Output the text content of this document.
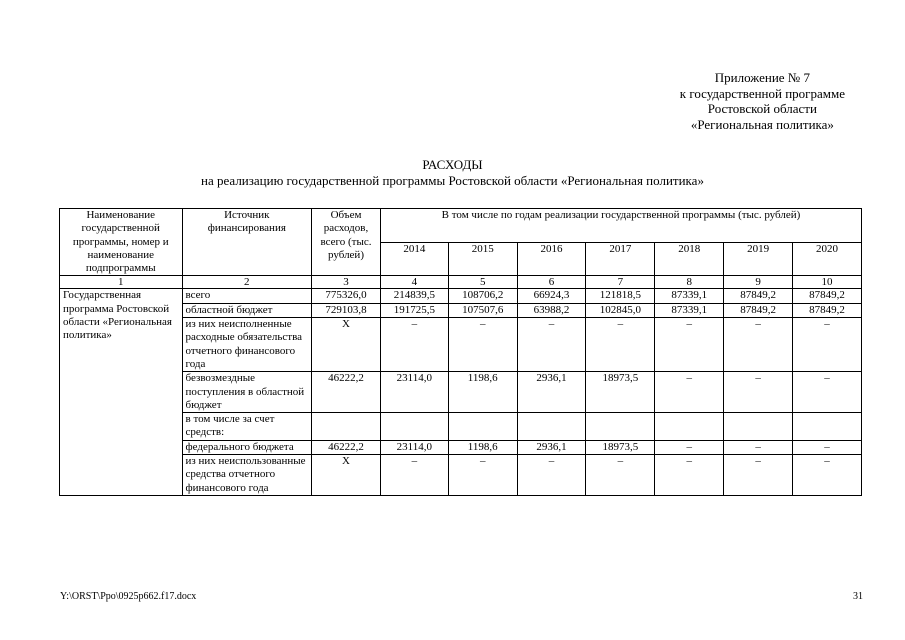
Приложение № 7
к государственной программе
Ростовской области
«Региональная политика»
РАСХОДЫ
на реализацию государственной программы Ростовской области «Региональная политика»
Наименование государственной программы, номер и наименование подпрограммы	Источник финансирования	Объем расходов, всего (тыс. рублей)	В том числе по годам реализации государственной программы (тыс. рублей)						
			2014	2015	2016	2017	2018	2019	2020
1	2	3	4	5	6	7	8	9	10
Государственная программа Ростовской области «Региональная политика»	всего	775326,0	214839,5	108706,2	66924,3	121818,5	87339,1	87849,2	87849,2
	областной бюджет	729103,8	191725,5	107507,6	63988,2	102845,0	87339,1	87849,2	87849,2
	из них неисполненные расходные обязательства отчетного финансового года	Х	–	–	–	–	–	–	–
	безвозмездные поступления в областной бюджет	46222,2	23114,0	1198,6	2936,1	18973,5	–	–	–
	в том числе за счет средств:								
	федерального бюджета	46222,2	23114,0	1198,6	2936,1	18973,5	–	–	–
	из них неиспользованные средства отчетного финансового года	Х	–	–	–	–	–	–	–
Y:\ORST\Ppo\0925p662.f17.docx	31
